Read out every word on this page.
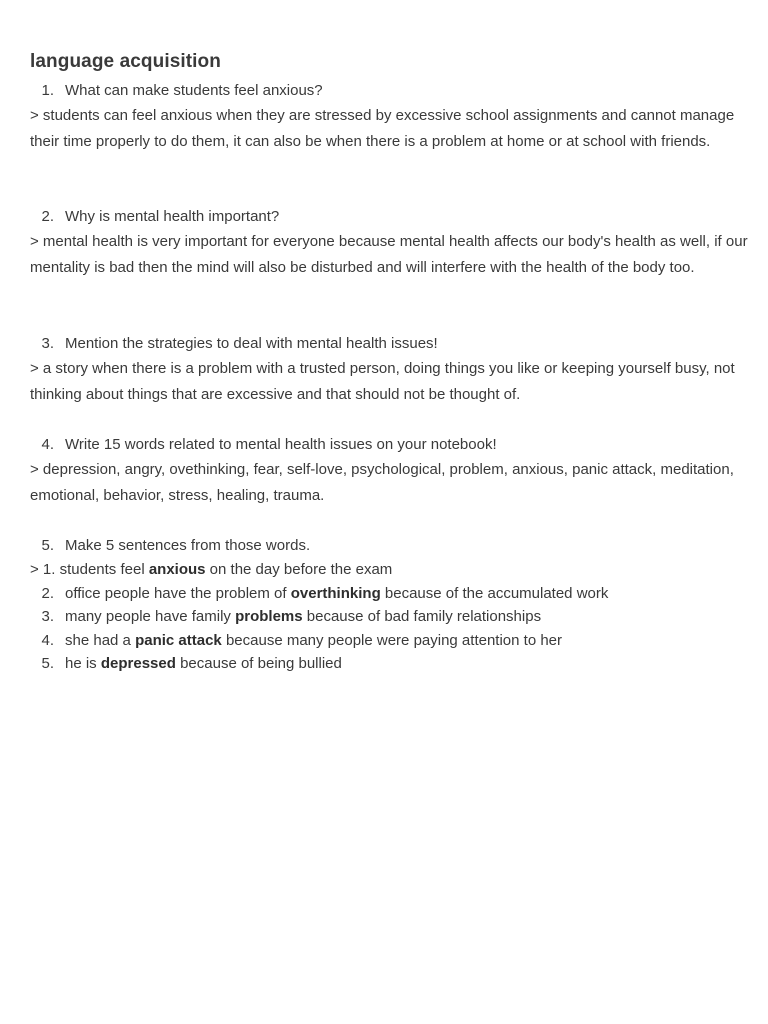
language acquisition
1. What can make students feel anxious?

> students can feel anxious when they are stressed by excessive school assignments and cannot manage their time properly to do them, it can also be when there is a problem at home or at school with friends.

2. Why is mental health important?

> mental health is very important for everyone because mental health affects our body's health as well, if our mentality is bad then the mind will also be disturbed and will interfere with the health of the body too.

3. Mention the strategies to deal with mental health issues!

> a story when there is a problem with a trusted person, doing things you like or keeping yourself busy, not thinking about things that are excessive and that should not be thought of.

4. Write 15 words related to mental health issues on your notebook!

> depression, angry, ovethinking, fear, self-love, psychological, problem, anxious, panic attack, meditation, emotional, behavior, stress, healing, trauma.

5. Make 5 sentences from those words.
> 1. students feel anxious on the day before the exam
2. office people have the problem of overthinking because of the accumulated work
3. many people have family problems because of bad family relationships
4. she had a panic attack because many people were paying attention to her
5. he is depressed because of being bullied
